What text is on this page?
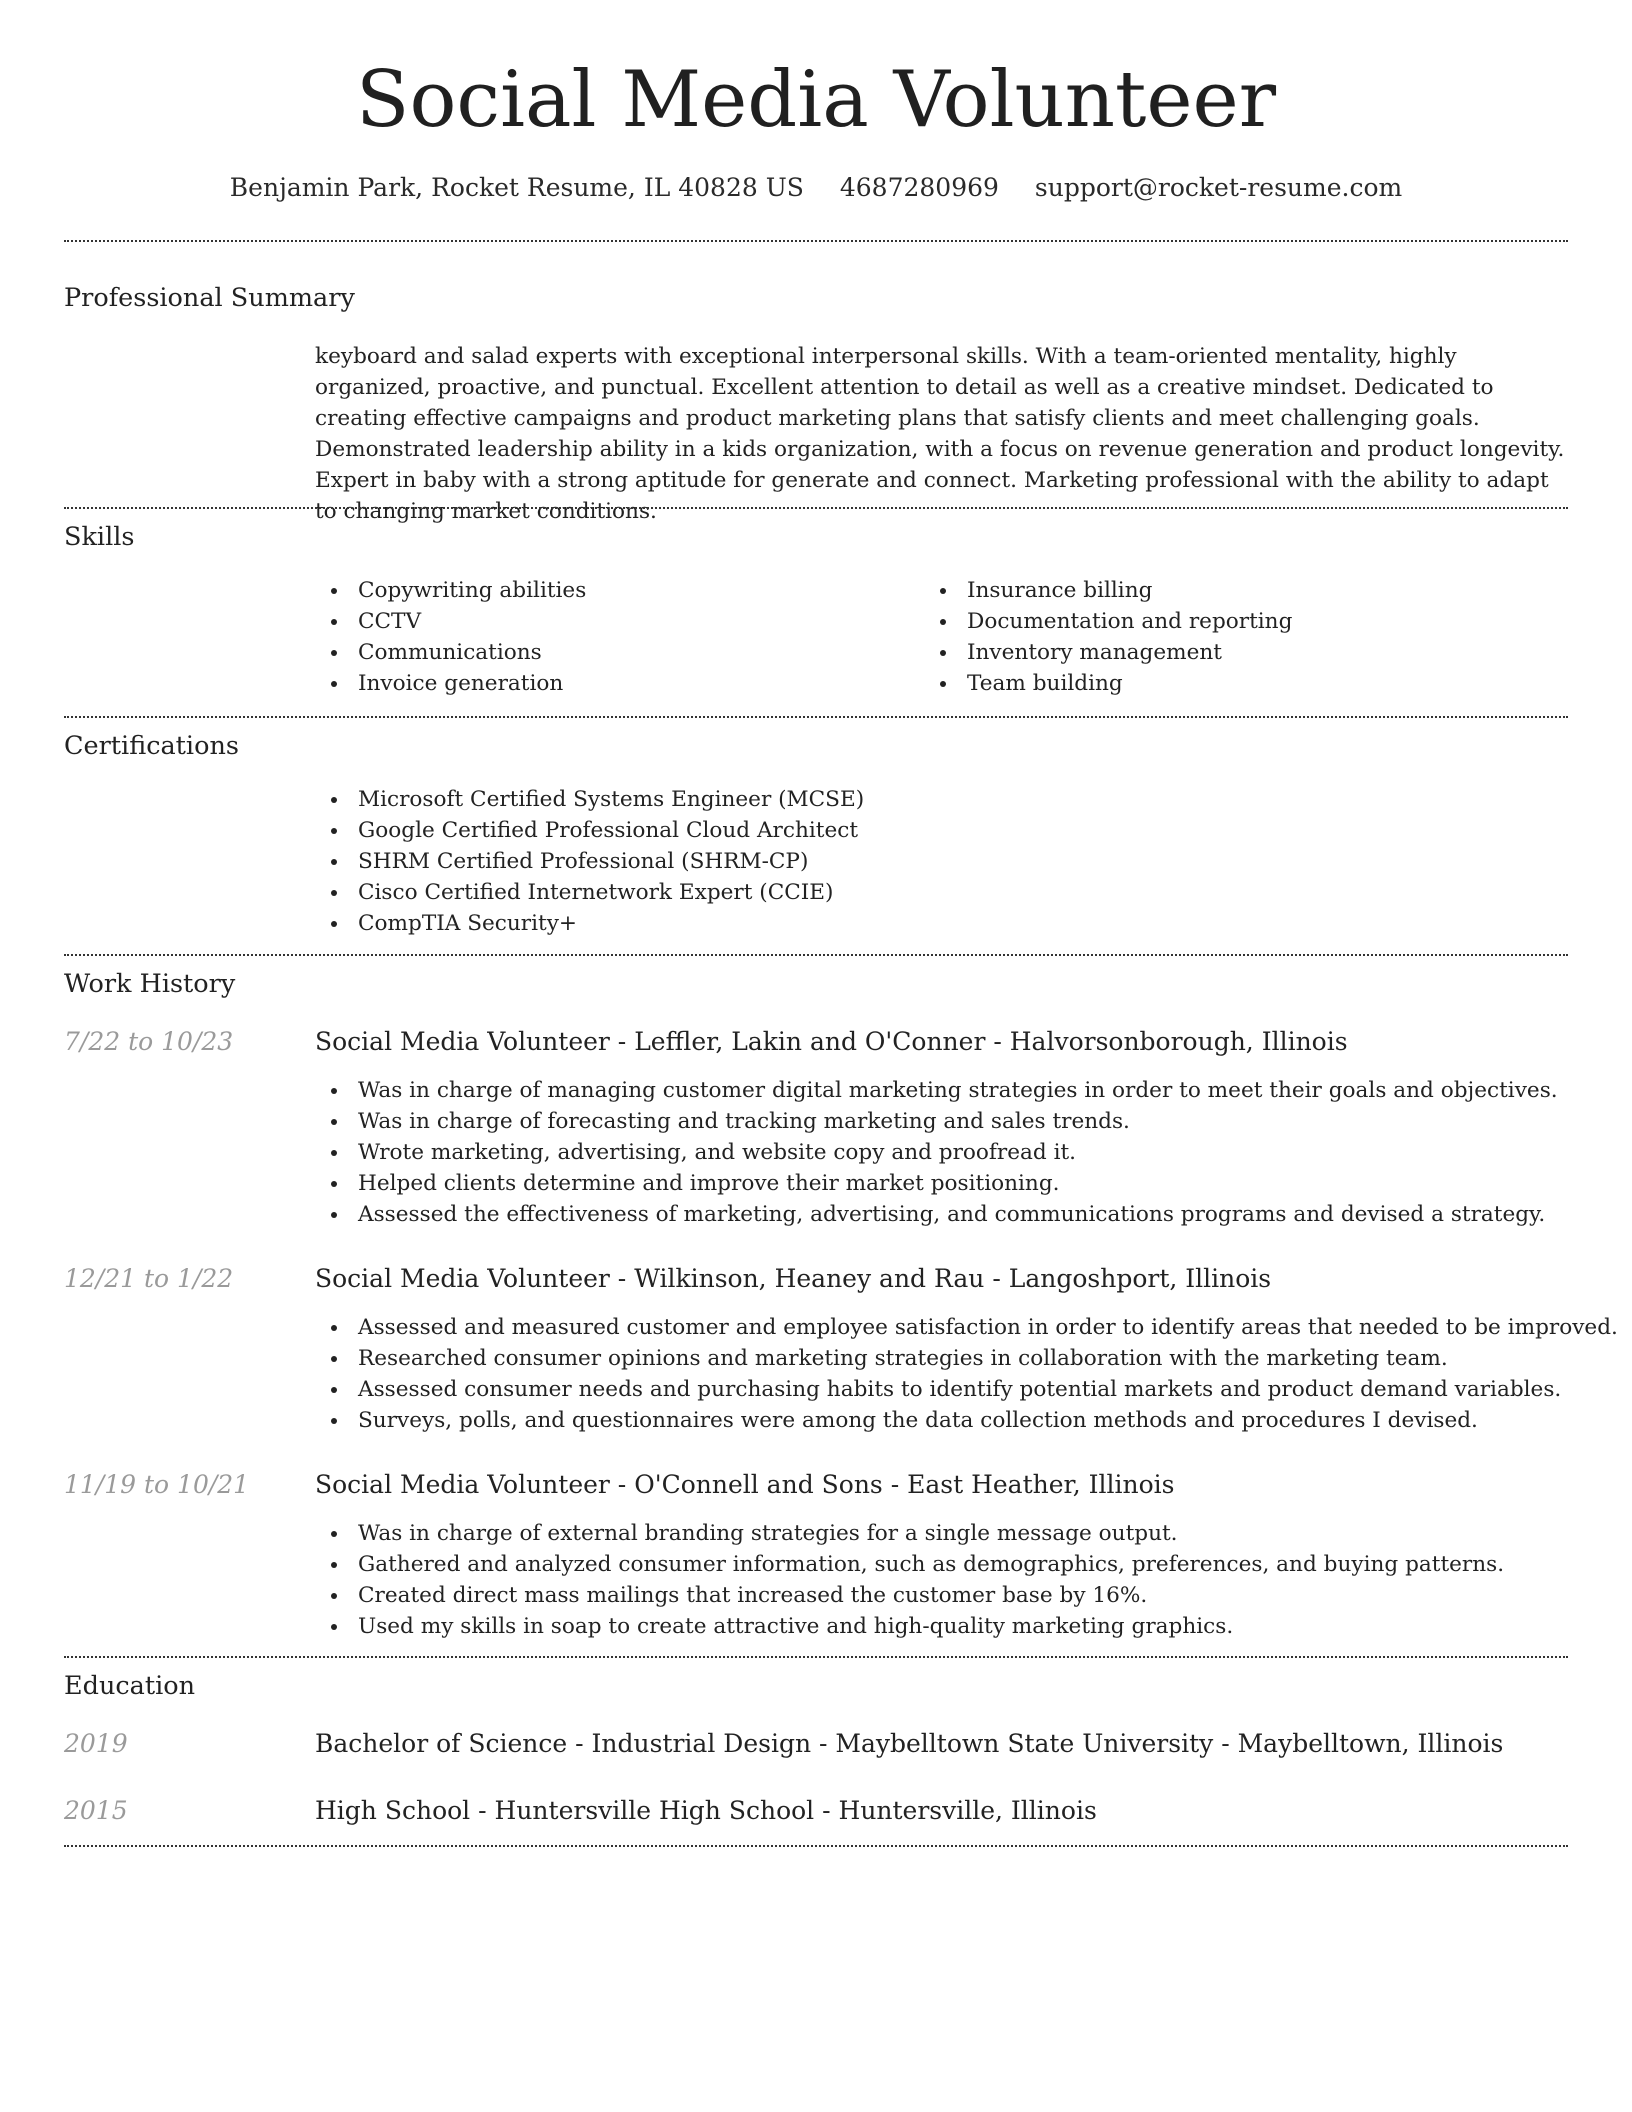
Social Media Volunteer
Benjamin Park, Rocket Resume, IL 40828 US 4687280969 support@rocket-resume.com
Professional Summary

keyboard and salad experts with exceptional interpersonal skills. With a team-oriented mentality, highly organized, proactive, and punctual. Excellent attention to detail as well as a creative mindset. Dedicated to creating effective campaigns and product marketing plans that satisfy clients and meet challenging goals. Demonstrated leadership ability in a kids organization, with a focus on revenue generation and product longevity. Expert in baby with a strong aptitude for generate and connect. Marketing professional with the ability to adapt to changing market conditions.

Skills
Copywriting abilities
CCTV
Communications
Invoice generation
Insurance billing
Documentation and reporting
Inventory management
Team building
Certifications
Microsoft Certified Systems Engineer (MCSE)
Google Certified Professional Cloud Architect
SHRM Certified Professional (SHRM-CP)
Cisco Certified Internetwork Expert (CCIE)
CompTIA Security+
Work History
7/22 to 10/23	Social Media Volunteer - Leffler, Lakin and O'Conner - Halvorsonborough, Illinois
Was in charge of managing customer digital marketing strategies in order to meet their goals and objectives.
Was in charge of forecasting and tracking marketing and sales trends.
Wrote marketing, advertising, and website copy and proofread it.
Helped clients determine and improve their market positioning.
Assessed the effectiveness of marketing, advertising, and communications programs and devised a strategy.
12/21 to 1/22	Social Media Volunteer - Wilkinson, Heaney and Rau - Langoshport, Illinois
Assessed and measured customer and employee satisfaction in order to identify areas that needed to be improved.
Researched consumer opinions and marketing strategies in collaboration with the marketing team.
Assessed consumer needs and purchasing habits to identify potential markets and product demand variables.
Surveys, polls, and questionnaires were among the data collection methods and procedures I devised.
11/19 to 10/21	Social Media Volunteer - O'Connell and Sons - East Heather, Illinois
Was in charge of external branding strategies for a single message output.
Gathered and analyzed consumer information, such as demographics, preferences, and buying patterns.
Created direct mass mailings that increased the customer base by 16%.
Used my skills in soap to create attractive and high-quality marketing graphics.
Education
2019	Bachelor of Science - Industrial Design - Maybelltown State University - Maybelltown, Illinois
2015	High School - Huntersville High School - Huntersville, Illinois
